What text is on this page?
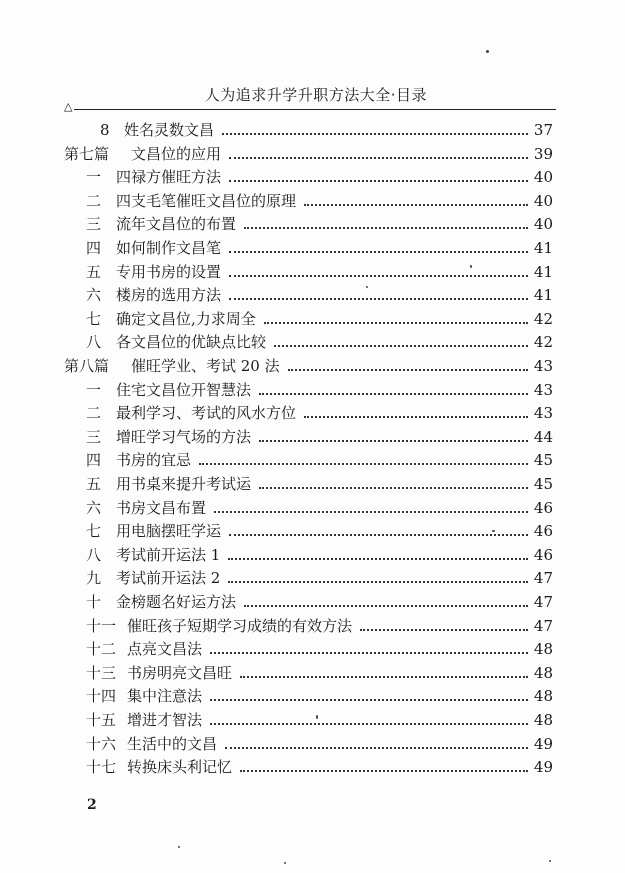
人为追求升学升职方法大全·目录
△
8 姓名灵数文昌	37
第七篇 文昌位的应用	39
一 四禄方催旺方法	40
二 四支毛笔催旺文昌位的原理	40
三 流年文昌位的布置	40
四 如何制作文昌笔	41
五 专用书房的设置	41
六 楼房的选用方法	41
七 确定文昌位,力求周全	42
八 各文昌位的优缺点比较	42
第八篇 催旺学业、考试 20 法	43
一 住宅文昌位开智慧法	43
二 最利学习、考试的风水方位	43
三 增旺学习气场的方法	44
四 书房的宜忌	45
五 用书桌来提升考试运	45
六 书房文昌布置	46
七 用电脑摆旺学运	46
八 考试前开运法 1	46
九 考试前开运法 2	47
十 金榜题名好运方法	47
十一 催旺孩子短期学习成绩的有效方法	47
十二 点亮文昌法	48
十三 书房明亮文昌旺	48
十四 集中注意法	48
十五 增进才智法	48
十六 生活中的文昌	49
十七 转换床头利记忆	49
2
